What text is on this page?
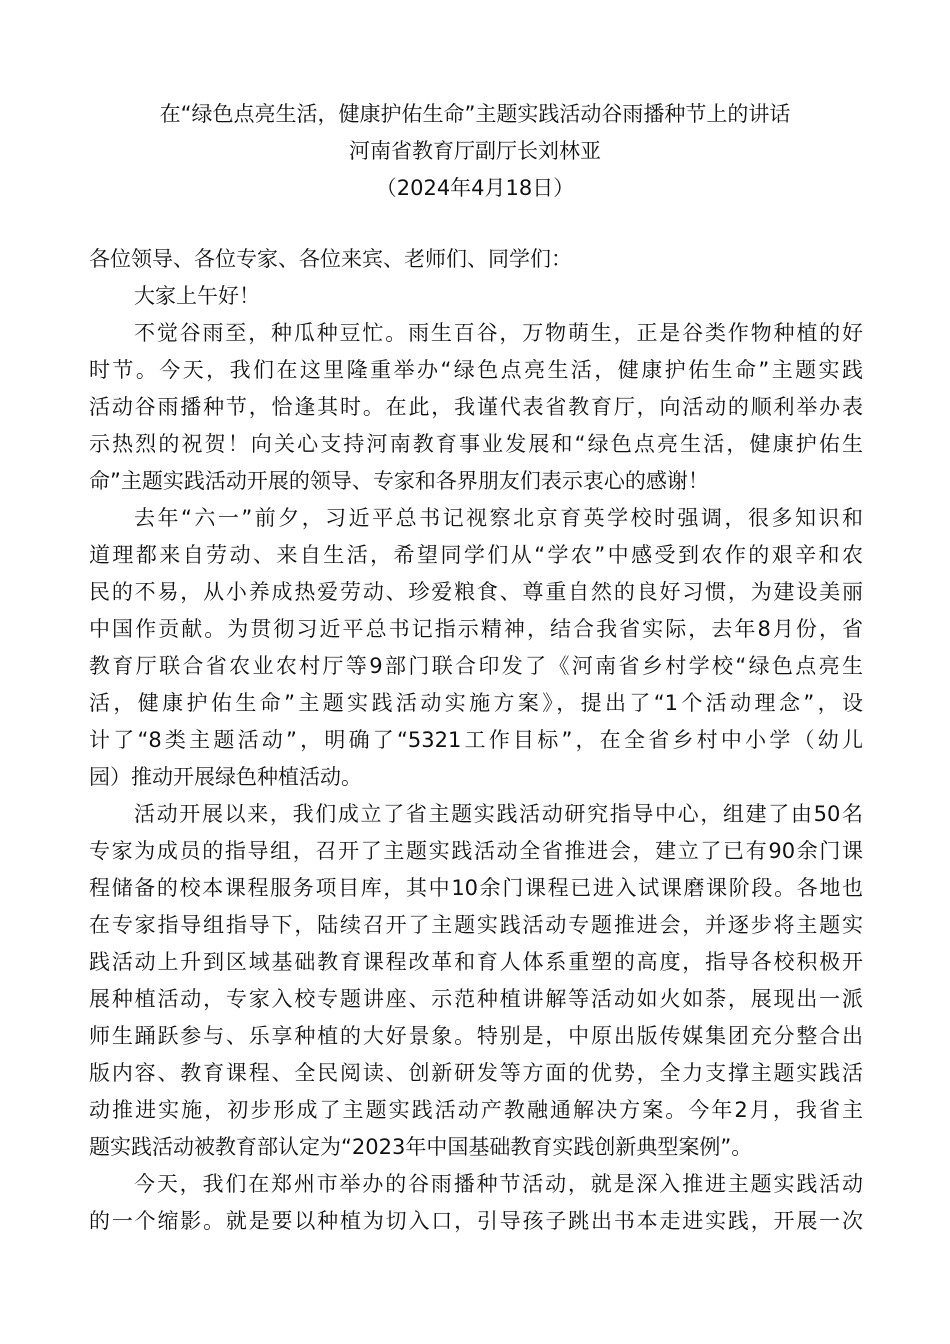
在“绿色点亮生活，健康护佑生命”主题实践活动谷雨播种节上的讲话
河南省教育厅副厅长刘林亚
（2024年4月18日）
各位领导、各位专家、各位来宾、老师们、同学们：
大家上午好！
不觉谷雨至，种瓜种豆忙。雨生百谷，万物萌生，正是谷类作物种植的好
时节。今天，我们在这里隆重举办“绿色点亮生活，健康护佑生命”主题实践
活动谷雨播种节，恰逢其时。在此，我谨代表省教育厅，向活动的顺利举办表
示热烈的祝贺！向关心支持河南教育事业发展和“绿色点亮生活，健康护佑生
命”主题实践活动开展的领导、专家和各界朋友们表示衷心的感谢！
去年“六一”前夕，习近平总书记视察北京育英学校时强调，很多知识和
道理都来自劳动、来自生活，希望同学们从“学农”中感受到农作的艰辛和农
民的不易，从小养成热爱劳动、珍爱粮食、尊重自然的良好习惯，为建设美丽
中国作贡献。为贯彻习近平总书记指示精神，结合我省实际，去年8月份，省
教育厅联合省农业农村厅等9部门联合印发了《河南省乡村学校“绿色点亮生
活，健康护佑生命”主题实践活动实施方案》，提出了“1个活动理念”，设
计了“8类主题活动”，明确了“5321工作目标”，在全省乡村中小学（幼儿
园）推动开展绿色种植活动。
活动开展以来，我们成立了省主题实践活动研究指导中心，组建了由50名
专家为成员的指导组，召开了主题实践活动全省推进会，建立了已有90余门课
程储备的校本课程服务项目库，其中10余门课程已进入试课磨课阶段。各地也
在专家指导组指导下，陆续召开了主题实践活动专题推进会，并逐步将主题实
践活动上升到区域基础教育课程改革和育人体系重塑的高度，指导各校积极开
展种植活动，专家入校专题讲座、示范种植讲解等活动如火如荼，展现出一派
师生踊跃参与、乐享种植的大好景象。特别是，中原出版传媒集团充分整合出
版内容、教育课程、全民阅读、创新研发等方面的优势，全力支撑主题实践活
动推进实施，初步形成了主题实践活动产教融通解决方案。今年2月，我省主
题实践活动被教育部认定为“2023年中国基础教育实践创新典型案例”。
今天，我们在郑州市举办的谷雨播种节活动，就是深入推进主题实践活动
的一个缩影。就是要以种植为切入口，引导孩子跳出书本走进实践，开展一次
